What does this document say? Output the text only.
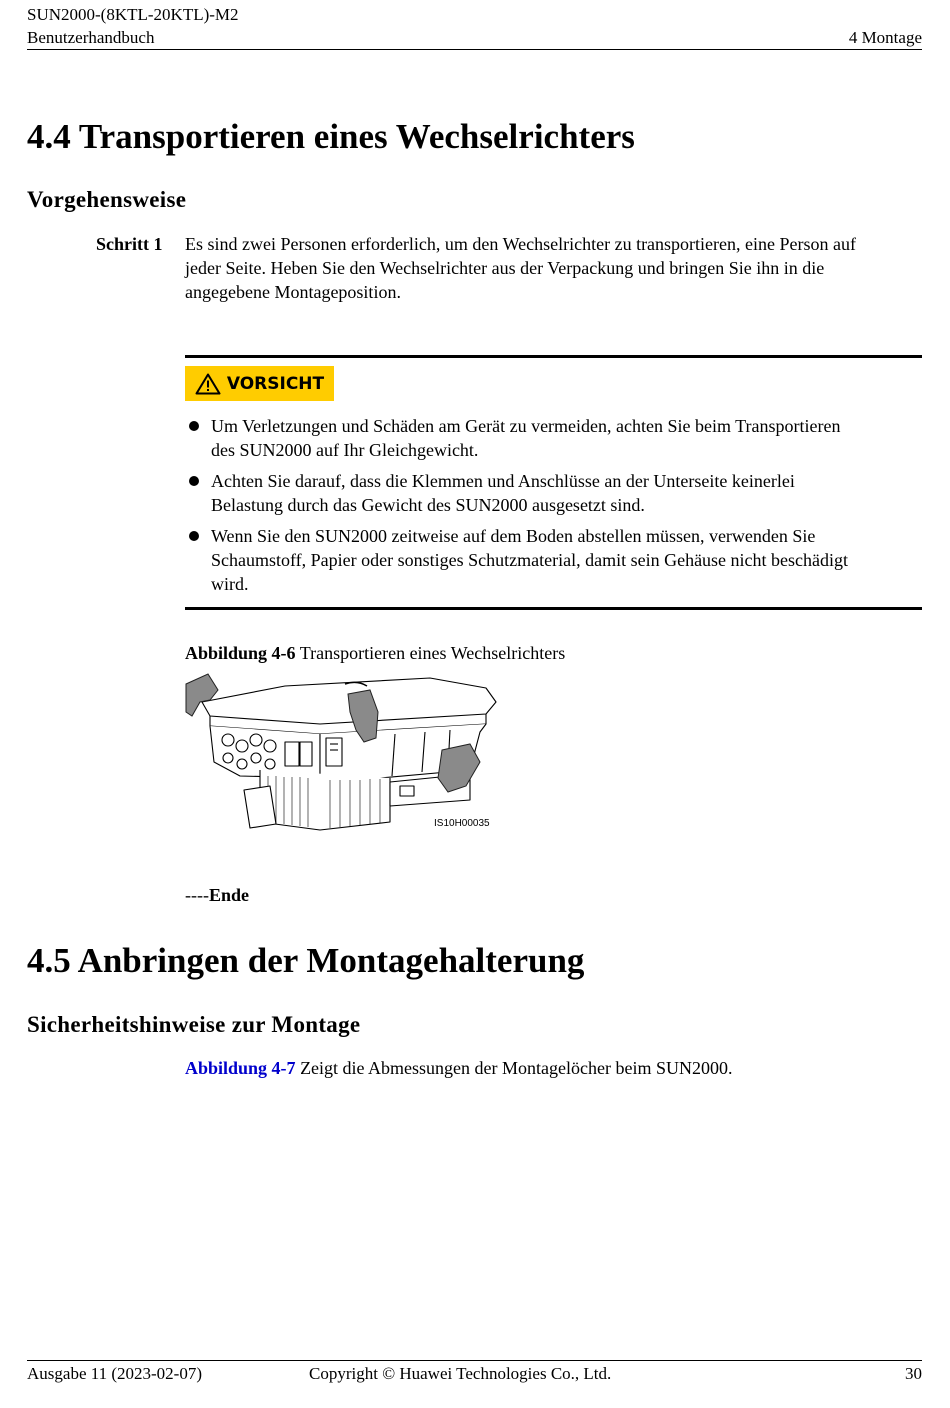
SUN2000-(8KTL-20KTL)-M2
Benutzerhandbuch	4 Montage
4.4 Transportieren eines Wechselrichters
Vorgehensweise
Schritt 1 Es sind zwei Personen erforderlich, um den Wechselrichter zu transportieren, eine Person auf
jeder Seite. Heben Sie den Wechselrichter aus der Verpackung und bringen Sie ihn in die
angegebene Montageposition.
VORSICHT
Um Verletzungen und Schäden am Gerät zu vermeiden, achten Sie beim Transportieren
des SUN2000 auf Ihr Gleichgewicht.
Achten Sie darauf, dass die Klemmen und Anschlüsse an der Unterseite keinerlei
Belastung durch das Gewicht des SUN2000 ausgesetzt sind.
Wenn Sie den SUN2000 zeitweise auf dem Boden abstellen müssen, verwenden Sie
Schaumstoff, Papier oder sonstiges Schutzmaterial, damit sein Gehäuse nicht beschädigt
wird.
Abbildung 4-6 Transportieren eines Wechselrichters
IS10H00035
----Ende
4.5 Anbringen der Montagehalterung
Sicherheitshinweise zur Montage
Abbildung 4-7 Zeigt die Abmessungen der Montagelöcher beim SUN2000.
Ausgabe 11 (2023-02-07)	Copyright © Huawei Technologies Co., Ltd.	30
